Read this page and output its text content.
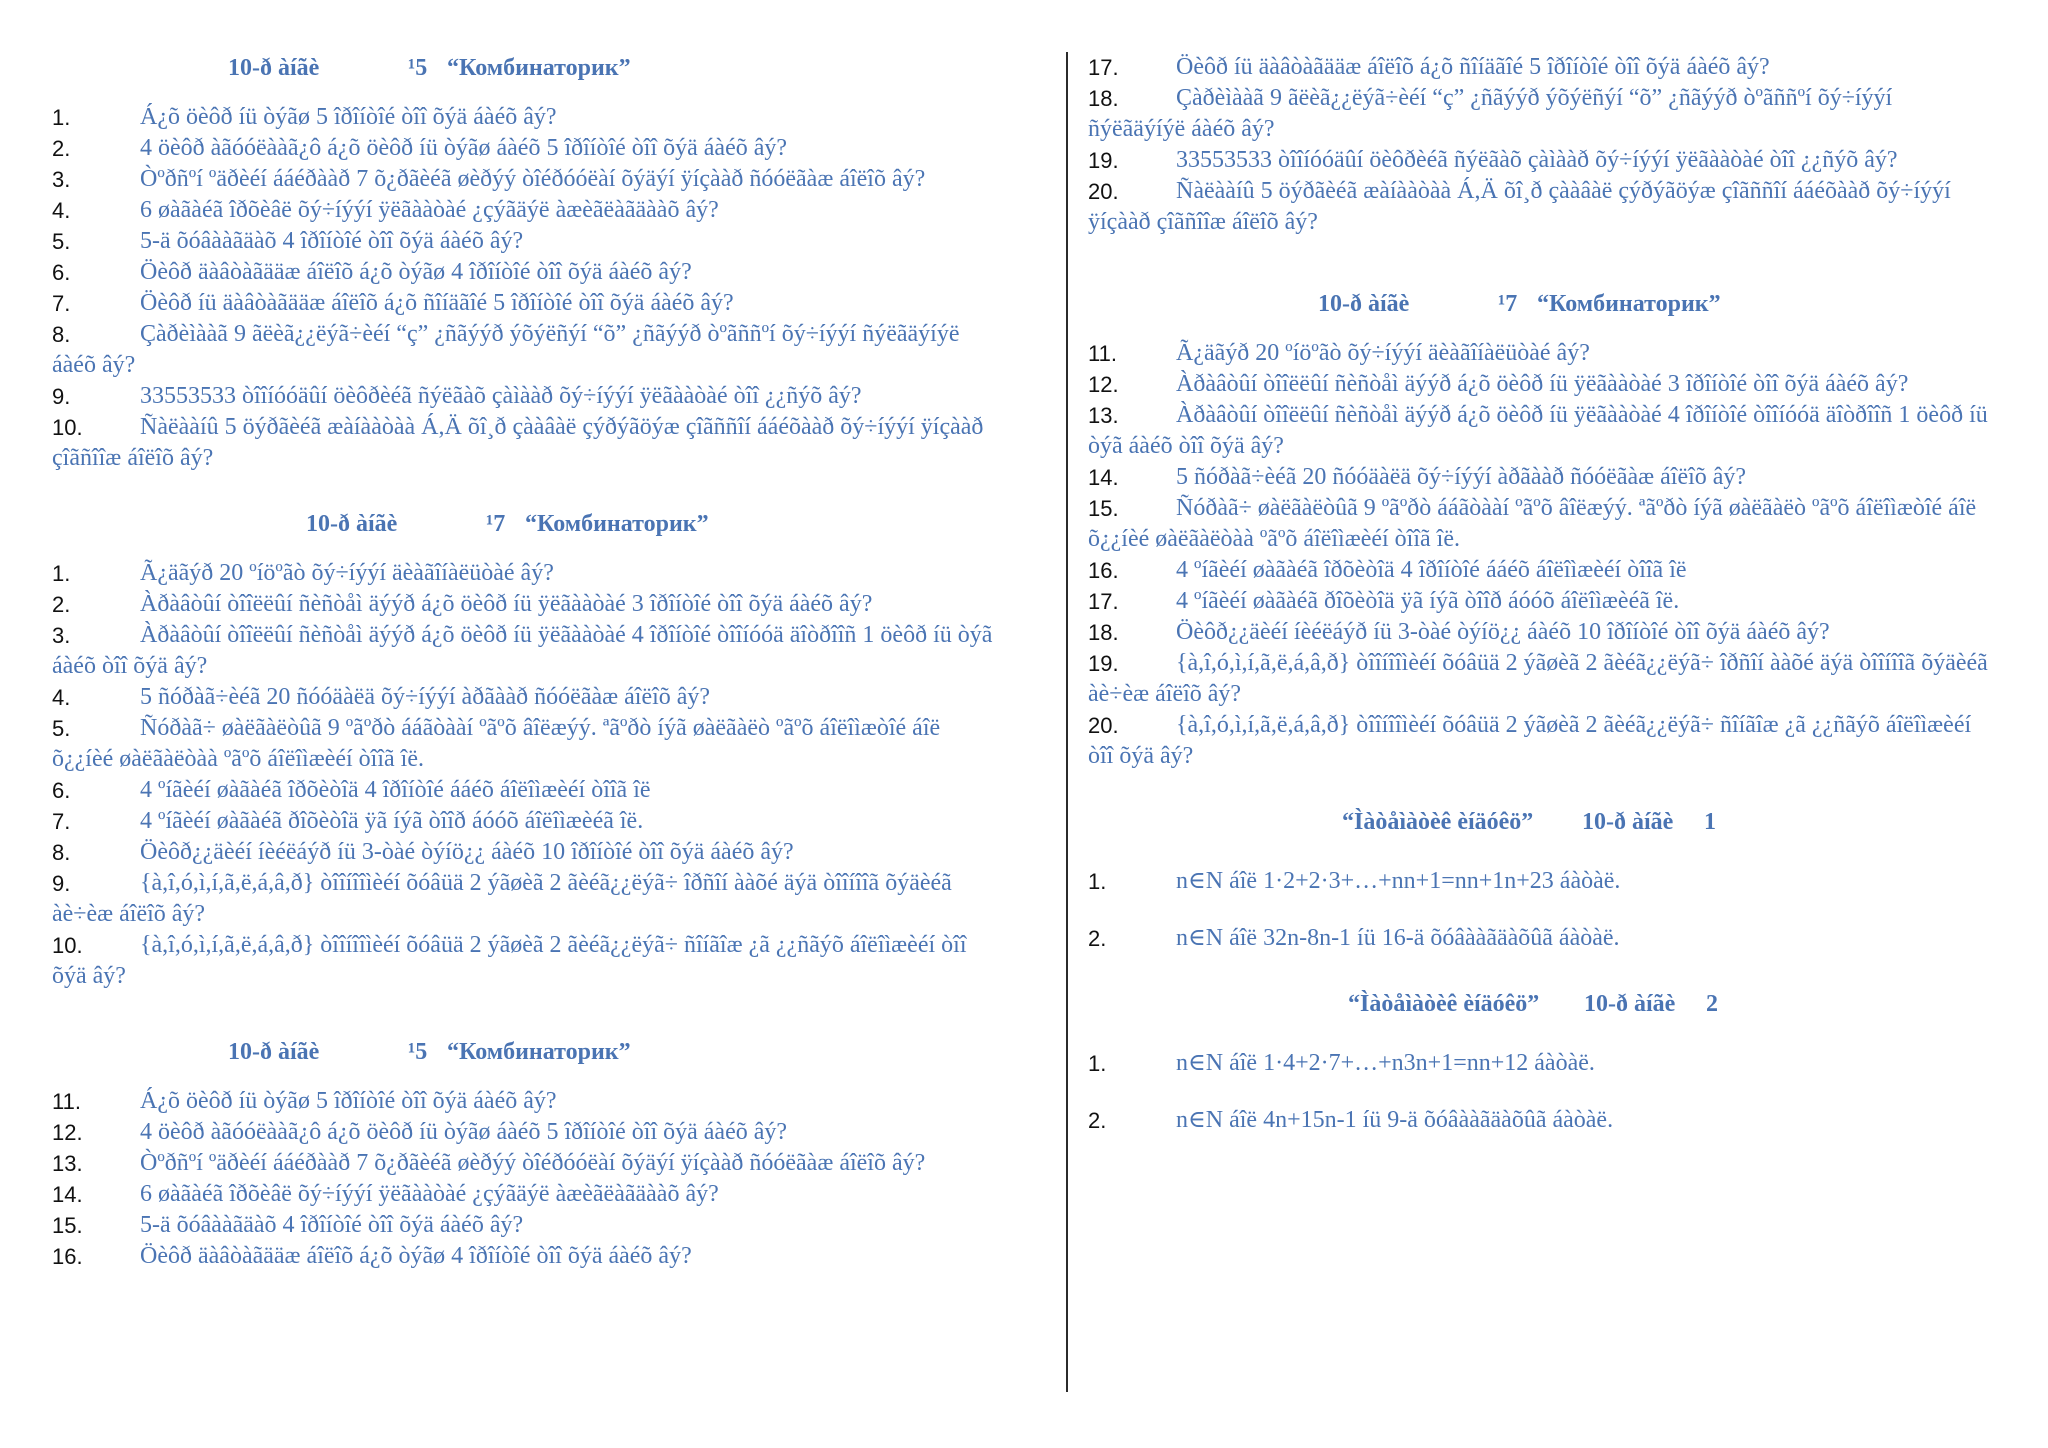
10-ð àíãè	¹5 “Комбинаторик”
1.	Á¿õ öèôð íü òýãø 5 îðîíòîé òîî õýä áàéõ âý?
2.	4 öèôð àãóóëààã¿ô á¿õ öèôð íü òýãø áàéõ 5 îðîíòîé òîî õýä áàéõ âý?
3.	Òºðñºí ºäðèéí ááéðààð 7 õ¿ðãèéã øèðýý òîéðóóëàí õýäýí ÿíçààð ñóóëãàæ áîëîõ âý?
4.	6 øàãàéã îðõèâë õý÷íýýí ÿëãààòàé ¿çýãäýë àæèãëàãäààõ âý?
5.	5-ä õóâààãäàõ 4 îðîíòîé òîî õýä áàéõ âý?
6.	Öèôð äàâòàãääæ áîëîõ á¿õ òýãø 4 îðîíòîé òîî õýä áàéõ âý?
7.	Öèôð íü äàâòàãääæ áîëîõ á¿õ ñîíäãîé 5 îðîíòîé òîî õýä áàéõ âý?
8.	Çàðèìààã 9 ãëèã¿¿ëýã÷èéí “ç” ¿ñãýýð ýõýëñýí “õ” ¿ñãýýð òºãññºí õý÷íýýí ñýëãäýíýë áàéõ âý?
9.	33553533 òîîíóóäûí öèôðèéã ñýëãàõ çàìààð õý÷íýýí ÿëãààòàé òîî ¿¿ñýõ âý?
10.	Ñàëààíû 5 öýðãèéã æàíààòàà Á,Ä õî¸ð çààâàë çýðýãöýæ çîãññîí ááéõààð õý÷íýýí ÿíçààð çîãñîîæ áîëîõ âý?
10-ð àíãè	¹7 “Комбинаторик”
1.	Ã¿äãýð 20 ºíöºãò õý÷íýýí äèàãîíàëüòàé âý?
2.	Àðàâòûí òîîëëûí ñèñòåì äýýð á¿õ öèôð íü ÿëãààòàé 3 îðîíòîé òîî õýä áàéõ âý?
3.	Àðàâòûí òîîëëûí ñèñòåì äýýð á¿õ öèôð íü ÿëãààòàé 4 îðîíòîé òîîíóóä äîòðîîñ 1 öèôð íü òýã áàéõ òîî õýä âý?
4.	5 ñóðàã÷èéã 20 ñóóäàëä õý÷íýýí àðãààð ñóóëãàæ áîëîõ âý?
5.	Ñóðàã÷ øàëãàëòûã 9 ºãºðò ááãòààí ºãºõ âîëæýý. ªãºðò íýã øàëãàëò ºãºõ áîëîìæòîé áîë õ¿¿íèé øàëãàëòàà ºãºõ áîëîìæèéí òîîã îë.
6.	4 ºíãèéí øàãàéã îðõèòîä 4 îðîíòîé ááéõ áîëîìæèéí òîîã îë
7.	4 ºíãèéí øàãàéã ðîõèòîä ÿã íýã òîîð áóóõ áîëîìæèéã îë.
8.	Öèôð¿¿äèéí íèéëáýð íü 3-òàé òýíö¿¿ áàéõ 10 îðîíòîé òîî õýä áàéõ âý?
9.	{à,î,ó,ì,í,ã,ë,á,â,ð} òîîíîîìèéí õóâüä 2 ýãøèã 2 ãèéã¿¿ëýã÷ îðñîí ààõé äýä òîîíîîã õýäèéã àè÷èæ áîëîõ âý?
10.	{à,î,ó,ì,í,ã,ë,á,â,ð} òîîíîîìèéí õóâüä 2 ýãøèã 2 ãèéã¿¿ëýã÷ ñîíãîæ ¿ã ¿¿ñãýõ áîëîìæèéí òîî õýä âý?
10-ð àíãè	¹5 “Комбинаторик”
11.	Á¿õ öèôð íü òýãø 5 îðîíòîé òîî õýä áàéõ âý?
12.	4 öèôð àãóóëààã¿ô á¿õ öèôð íü òýãø áàéõ 5 îðîíòîé òîî õýä áàéõ âý?
13.	Òºðñºí ºäðèéí ááéðààð 7 õ¿ðãèéã øèðýý òîéðóóëàí õýäýí ÿíçààð ñóóëãàæ áîëîõ âý?
14.	6 øàãàéã îðõèâë õý÷íýýí ÿëãààòàé ¿çýãäýë àæèãëàãäààõ âý?
15.	5-ä õóâààãäàõ 4 îðîíòîé òîî õýä áàéõ âý?
16.	Öèôð äàâòàãääæ áîëîõ á¿õ òýãø 4 îðîíòîé òîî õýä áàéõ âý?
17.	Öèôð íü äàâòàãääæ áîëîõ á¿õ ñîíäãîé 5 îðîíòîé òîî õýä áàéõ âý?
18.	Çàðèìààã 9 ãëèã¿¿ëýã÷èéí “ç” ¿ñãýýð ýõýëñýí “õ” ¿ñãýýð òºãññºí õý÷íýýí ñýëãäýíýë áàéõ âý?
19.	33553533 òîîíóóäûí öèôðèéã ñýëãàõ çàìààð õý÷íýýí ÿëãààòàé òîî ¿¿ñýõ âý?
20.	Ñàëààíû 5 öýðãèéã æàíààòàà Á,Ä õî¸ð çààâàë çýðýãöýæ çîãññîí ááéõààð õý÷íýýí ÿíçààð çîãñîîæ áîëîõ âý?
10-ð àíãè	¹7 “Комбинаторик”
11.	Ã¿äãýð 20 ºíöºãò õý÷íýýí äèàãîíàëüòàé âý?
12.	Àðàâòûí òîîëëûí ñèñòåì äýýð á¿õ öèôð íü ÿëãààòàé 3 îðîíòîé òîî õýä áàéõ âý?
13.	Àðàâòûí òîîëëûí ñèñòåì äýýð á¿õ öèôð íü ÿëãààòàé 4 îðîíòîé òîîíóóä äîòðîîñ 1 öèôð íü òýã áàéõ òîî õýä âý?
14.	5 ñóðàã÷èéã 20 ñóóäàëä õý÷íýýí àðãààð ñóóëãàæ áîëîõ âý?
15.	Ñóðàã÷ øàëãàëòûã 9 ºãºðò ááãòààí ºãºõ âîëæýý. ªãºðò íýã øàëãàëò ºãºõ áîëîìæòîé áîë õ¿¿íèé øàëãàëòàà ºãºõ áîëîìæèéí òîîã îë.
16.	4 ºíãèéí øàãàéã îðõèòîä 4 îðîíòîé ááéõ áîëîìæèéí òîîã îë
17.	4 ºíãèéí øàãàéã ðîõèòîä ÿã íýã òîîð áóóõ áîëîìæèéã îë.
18.	Öèôð¿¿äèéí íèéëáýð íü 3-òàé òýíö¿¿ áàéõ 10 îðîíòîé òîî õýä áàéõ âý?
19.	{à,î,ó,ì,í,ã,ë,á,â,ð} òîîíîîìèéí õóâüä 2 ýãøèã 2 ãèéã¿¿ëýã÷ îðñîí ààõé äýä òîîíîîã õýäèéã àè÷èæ áîëîõ âý?
20.	{à,î,ó,ì,í,ã,ë,á,â,ð} òîîíîîìèéí õóâüä 2 ýãøèã 2 ãèéã¿¿ëýã÷ ñîíãîæ ¿ã ¿¿ñãýõ áîëîìæèéí òîî õýä âý?
“Ìàòåìàòèê èíäóêö” 10-ð àíãè 1
1.	n∈N áîë 1·2+2·3+…+nn+1=nn+1n+23 áàòàë.
2.	n∈N áîë 32n-8n-1 íü 16-ä õóâààãäàõûã áàòàë.
“Ìàòåìàòèê èíäóêö” 10-ð àíãè 2
1.	n∈N áîë 1·4+2·7+…+n3n+1=nn+12 áàòàë.
2.	n∈N áîë 4n+15n-1 íü 9-ä õóâààãäàõûã áàòàë.
